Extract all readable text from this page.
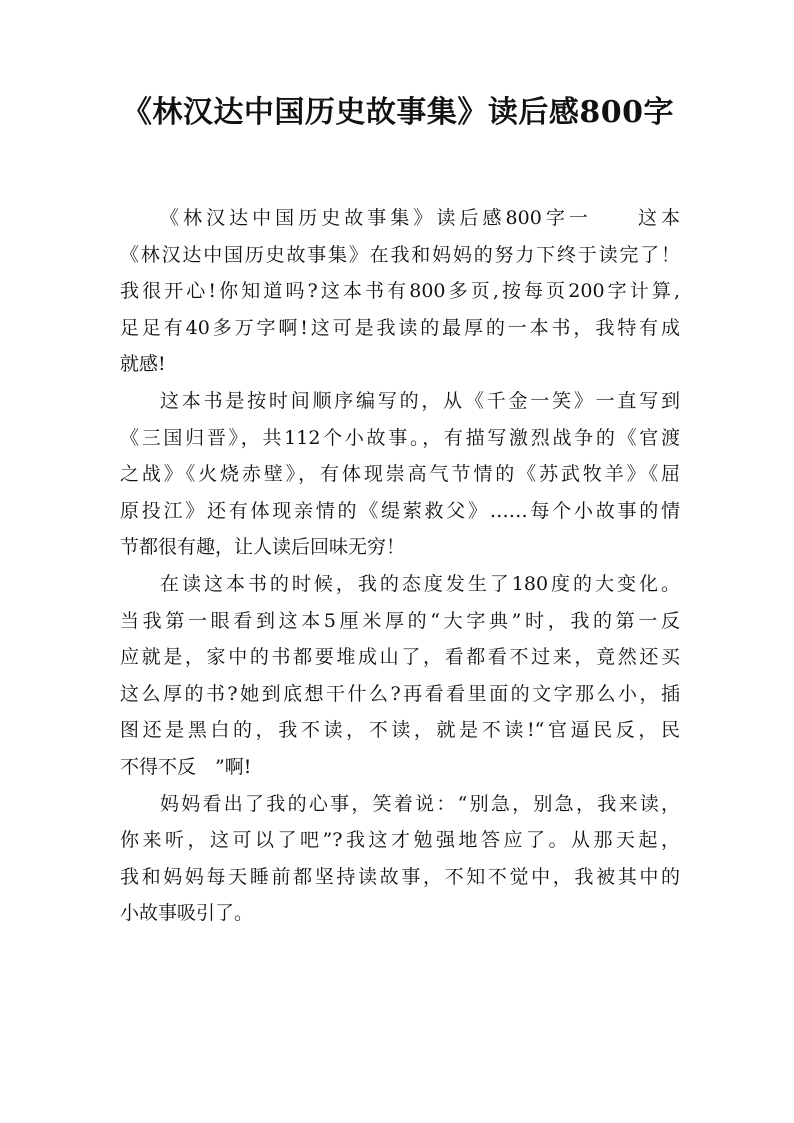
《林汉达中国历史故事集》读后感800字
《林汉达中国历史故事集》读后感800字一　　这本
《林汉达中国历史故事集》在我和妈妈的努力下终于读完了！
我很开心!你知道吗?这本书有800多页,按每页200字计算,
足足有40多万字啊!这可是我读的最厚的一本书，我特有成
就感!
这本书是按时间顺序编写的，从《千金一笑》一直写到
《三国归晋》，共112个小故事。，有描写激烈战争的《官渡
之战》《火烧赤壁》，有体现崇高气节情的《苏武牧羊》《屈
原投江》还有体现亲情的《缇萦救父》……每个小故事的情
节都很有趣，让人读后回味无穷！
在读这本书的时候，我的态度发生了180度的大变化。
当我第一眼看到这本5厘米厚的“大字典”时，我的第一反
应就是，家中的书都要堆成山了，看都看不过来，竟然还买
这么厚的书?她到底想干什么?再看看里面的文字那么小，插
图还是黑白的，我不读，不读，就是不读!“官逼民反，民
不得不反　”啊!
妈妈看出了我的心事，笑着说：“别急，别急，我来读，
你来听，这可以了吧”?我这才勉强地答应了。从那天起，
我和妈妈每天睡前都坚持读故事，不知不觉中，我被其中的
小故事吸引了。
